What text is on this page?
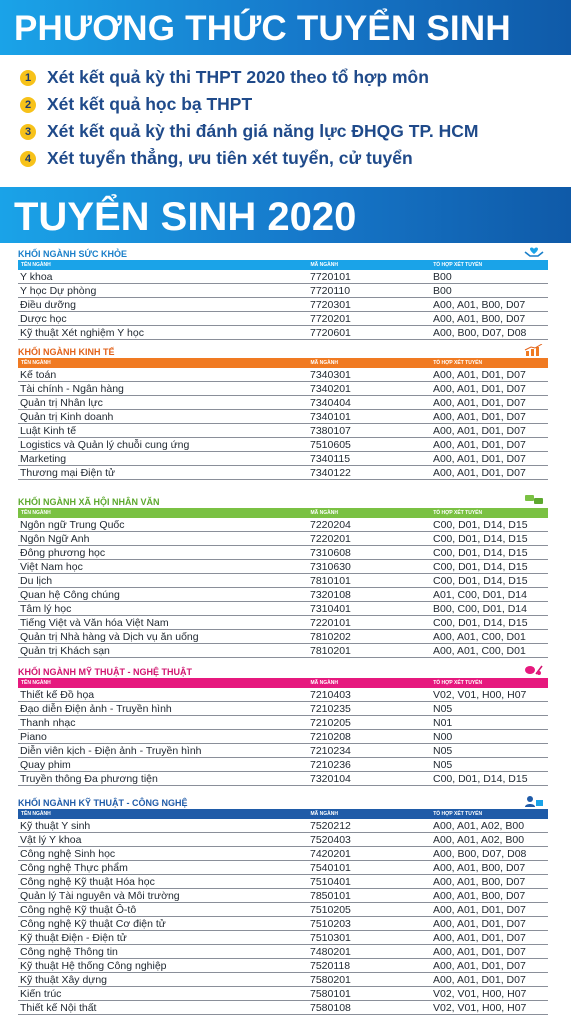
PHƯƠNG THỨC TUYỂN SINH
1 Xét kết quả kỳ thi THPT 2020 theo tổ hợp môn
2 Xét kết quả học bạ THPT
3 Xét kết quả kỳ thi đánh giá năng lực ĐHQG TP. HCM
4 Xét tuyển thẳng, ưu tiên xét tuyển, cử tuyển
TUYỂN SINH 2020
KHỐI NGÀNH SỨC KHỎE
TÊN NGÀNH	MÃ NGÀNH	TỔ HỢP XÉT TUYỂN
Y khoa	7720101	B00
Y học Dự phòng	7720110	B00
Điều dưỡng	7720301	A00, A01, B00, D07
Dược học	7720201	A00, A01, B00, D07
Kỹ thuật Xét nghiệm Y học	7720601	A00, B00, D07, D08
KHỐI NGÀNH KINH TẾ
TÊN NGÀNH	MÃ NGÀNH	TỔ HỢP XÉT TUYỂN
Kế toán	7340301	A00, A01, D01, D07
Tài chính - Ngân hàng	7340201	A00, A01, D01, D07
Quản trị Nhân lực	7340404	A00, A01, D01, D07
Quản trị Kinh doanh	7340101	A00, A01, D01, D07
Luật Kinh tế	7380107	A00, A01, D01, D07
Logistics và Quản lý chuỗi cung ứng	7510605	A00, A01, D01, D07
Marketing	7340115	A00, A01, D01, D07
Thương mại Điện tử	7340122	A00, A01, D01, D07
KHỐI NGÀNH XÃ HỘI NHÂN VĂN
TÊN NGÀNH	MÃ NGÀNH	TỔ HỢP XÉT TUYỂN
Ngôn ngữ Trung Quốc	7220204	C00, D01, D14, D15
Ngôn Ngữ Anh	7220201	C00, D01, D14, D15
Đông phương học	7310608	C00, D01, D14, D15
Việt Nam học	7310630	C00, D01, D14, D15
Du lịch	7810101	C00, D01, D14, D15
Quan hệ Công chúng	7320108	A01, C00, D01, D14
Tâm lý học	7310401	B00, C00, D01, D14
Tiếng Việt và Văn hóa Việt Nam	7220101	C00, D01, D14, D15
Quản trị Nhà hàng và Dịch vụ ăn uống	7810202	A00, A01, C00, D01
Quản trị Khách sạn	7810201	A00, A01, C00, D01
KHỐI NGÀNH MỸ THUẬT - NGHỆ THUẬT
TÊN NGÀNH	MÃ NGÀNH	TỔ HỢP XÉT TUYỂN
Thiết kế Đồ họa	7210403	V02, V01, H00, H07
Đạo diễn Điện ảnh - Truyền hình	7210235	N05
Thanh nhạc	7210205	N01
Piano	7210208	N00
Diễn viên kịch - Điện ảnh - Truyền hình	7210234	N05
Quay phim	7210236	N05
Truyền thông Đa phương tiện	7320104	C00, D01, D14, D15
KHỐI NGÀNH KỸ THUẬT - CÔNG NGHỆ
TÊN NGÀNH	MÃ NGÀNH	TỔ HỢP XÉT TUYỂN
Kỹ thuật Y sinh	7520212	A00, A01, A02, B00
Vật lý Y khoa	7520403	A00, A01, A02, B00
Công nghệ Sinh học	7420201	A00, B00, D07, D08
Công nghệ Thực phẩm	7540101	A00, A01, B00, D07
Công nghệ Kỹ thuật Hóa học	7510401	A00, A01, B00, D07
Quản lý Tài nguyên và Môi trường	7850101	A00, A01, B00, D07
Công nghệ Kỹ thuật Ô-tô	7510205	A00, A01, D01, D07
Công nghệ Kỹ thuật Cơ điện tử	7510203	A00, A01, D01, D07
Kỹ thuật Điện - Điện tử	7510301	A00, A01, D01, D07
Công nghệ Thông tin	7480201	A00, A01, D01, D07
Kỹ thuật Hệ thống Công nghiệp	7520118	A00, A01, D01, D07
Kỹ thuật Xây dựng	7580201	A00, A01, D01, D07
Kiến trúc	7580101	V02, V01, H00, H07
Thiết kế Nội thất	7580108	V02, V01, H00, H07
